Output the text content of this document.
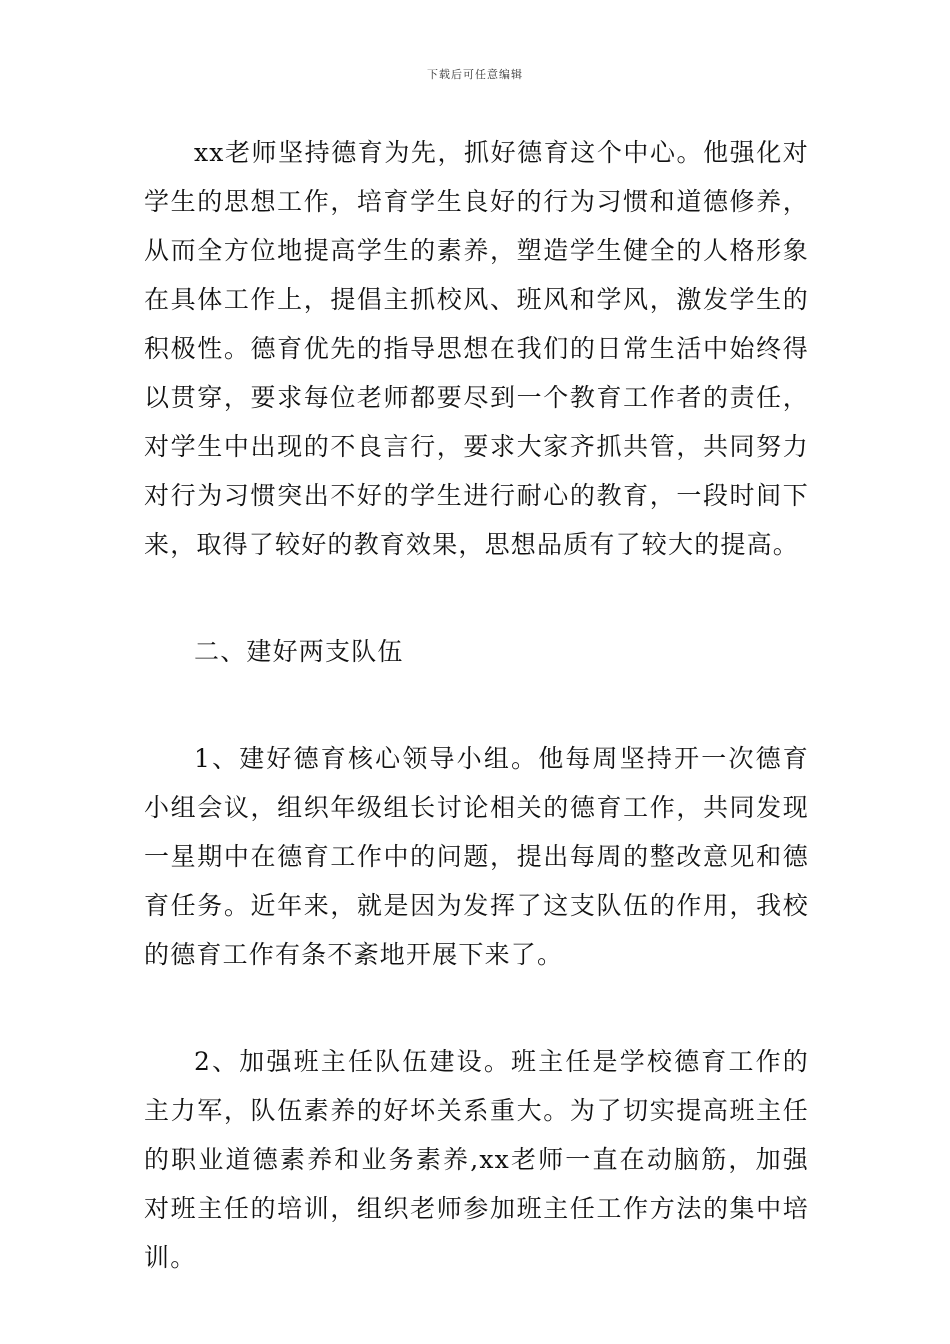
下载后可任意编辑

xx老师坚持德育为先，抓好德育这个中心。他强化对学生的思想工作，培育学生良好的行为习惯和道德修养，从而全方位地提高学生的素养，塑造学生健全的人格形象在具体工作上，提倡主抓校风、班风和学风，激发学生的积极性。德育优先的指导思想在我们的日常生活中始终得以贯穿，要求每位老师都要尽到一个教育工作者的责任，对学生中出现的不良言行，要求大家齐抓共管，共同努力对行为习惯突出不好的学生进行耐心的教育，一段时间下来，取得了较好的教育效果，思想品质有了较大的提高。

二、建好两支队伍

1、建好德育核心领导小组。他每周坚持开一次德育小组会议，组织年级组长讨论相关的德育工作，共同发现一星期中在德育工作中的问题，提出每周的整改意见和德育任务。近年来，就是因为发挥了这支队伍的作用，我校的德育工作有条不紊地开展下来了。

2、加强班主任队伍建设。班主任是学校德育工作的主力军，队伍素养的好坏关系重大。为了切实提高班主任的职业道德素养和业务素养,xx老师一直在动脑筋，加强对班主任的培训，组织老师参加班主任工作方法的集中培训。
